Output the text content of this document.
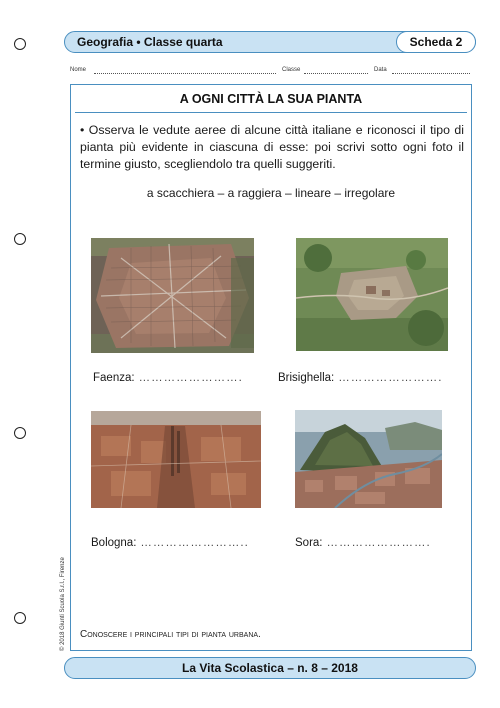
Geografia • Classe quarta	Scheda 2
Nome	Classe	Data
A OGNI CITTÀ LA SUA PIANTA
• Osserva le vedute aeree di alcune città italiane e riconosci il tipo di pianta più evidente in ciascuna di esse: poi scrivi sotto ogni foto il termine giusto, scegliendolo tra quelli suggeriti.
a scacchiera – a raggiera – lineare – irregolare
Faenza: …………………….	Brisighella: …………………….
Bologna: ……………………..	Sora: …………………….
Conoscere i principali tipi di pianta urbana.
© 2018 Giunti Scuola S.r.l., Firenze
La Vita Scolastica – n. 8 – 2018
